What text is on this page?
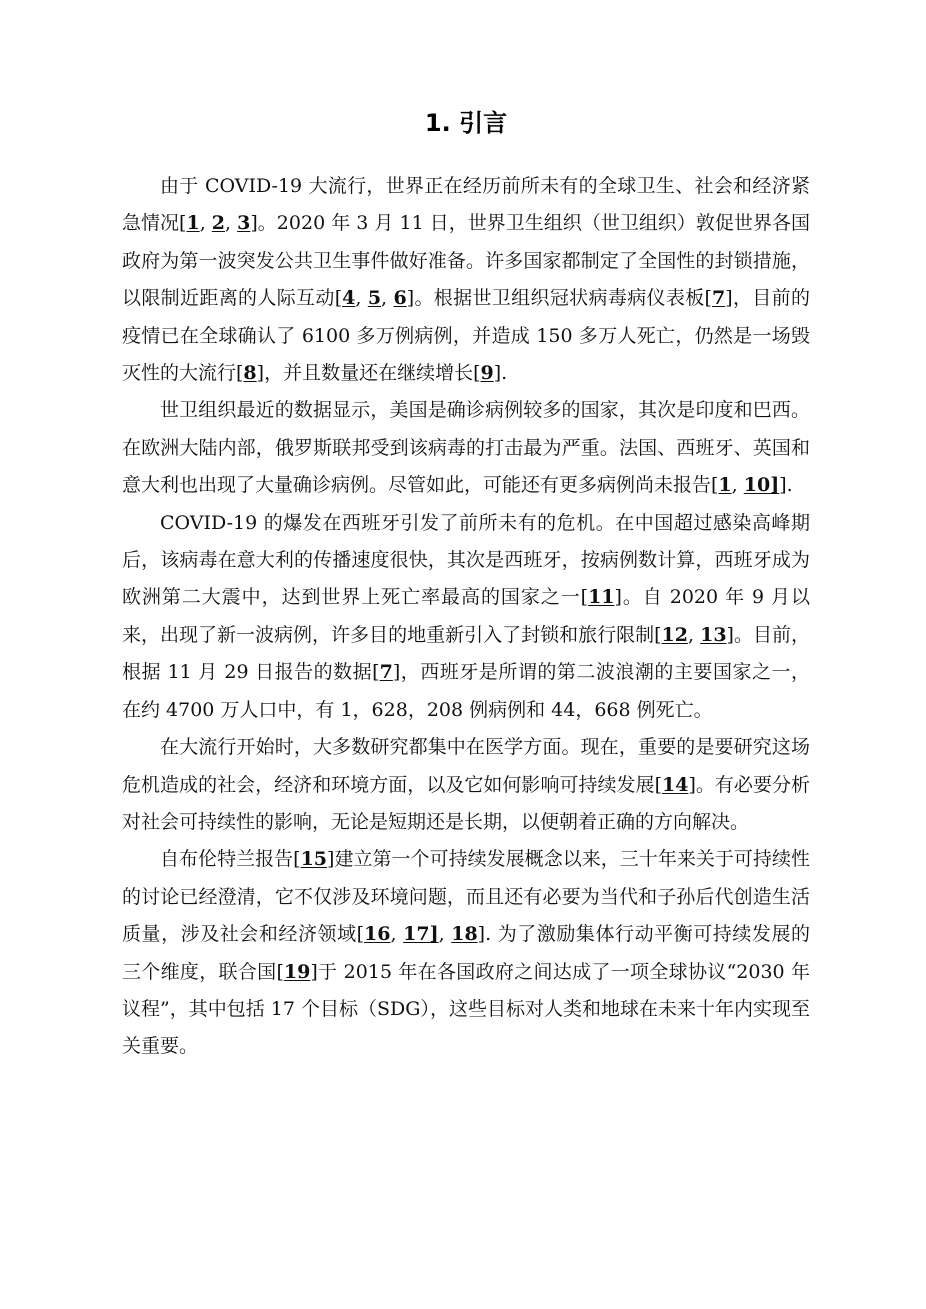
1. 引言

由于 COVID-19 大流行，世界正在经历前所未有的全球卫生、社会和经济紧急情况[1, 2, 3]。2020 年 3 月 11 日，世界卫生组织（世卫组织）敦促世界各国政府为第一波突发公共卫生事件做好准备。许多国家都制定了全国性的封锁措施，以限制近距离的人际互动[4, 5, 6]。根据世卫组织冠状病毒病仪表板[7]，目前的疫情已在全球确认了 6100 多万例病例，并造成 150 多万人死亡，仍然是一场毁灭性的大流行[8]，并且数量还在继续增长[9].

世卫组织最近的数据显示，美国是确诊病例较多的国家，其次是印度和巴西。在欧洲大陆内部，俄罗斯联邦受到该病毒的打击最为严重。法国、西班牙、英国和意大利也出现了大量确诊病例。尽管如此，可能还有更多病例尚未报告[1, 10]].

COVID-19 的爆发在西班牙引发了前所未有的危机。在中国超过感染高峰期后，该病毒在意大利的传播速度很快，其次是西班牙，按病例数计算，西班牙成为欧洲第二大震中，达到世界上死亡率最高的国家之一[11]。自 2020 年 9 月以来，出现了新一波病例，许多目的地重新引入了封锁和旅行限制[12, 13]。目前，根据 11 月 29 日报告的数据[7]，西班牙是所谓的第二波浪潮的主要国家之一，在约 4700 万人口中，有 1，628，208 例病例和 44，668 例死亡。

在大流行开始时，大多数研究都集中在医学方面。现在，重要的是要研究这场危机造成的社会，经济和环境方面，以及它如何影响可持续发展[14]。有必要分析对社会可持续性的影响，无论是短期还是长期，以便朝着正确的方向解决。

自布伦特兰报告[15]建立第一个可持续发展概念以来，三十年来关于可持续性的讨论已经澄清，它不仅涉及环境问题，而且还有必要为当代和子孙后代创造生活质量，涉及社会和经济领域[16, 17], 18]. 为了激励集体行动平衡可持续发展的三个维度，联合国[19]于 2015 年在各国政府之间达成了一项全球协议“2030 年议程”，其中包括 17 个目标（SDG），这些目标对人类和地球在未来十年内实现至关重要。
